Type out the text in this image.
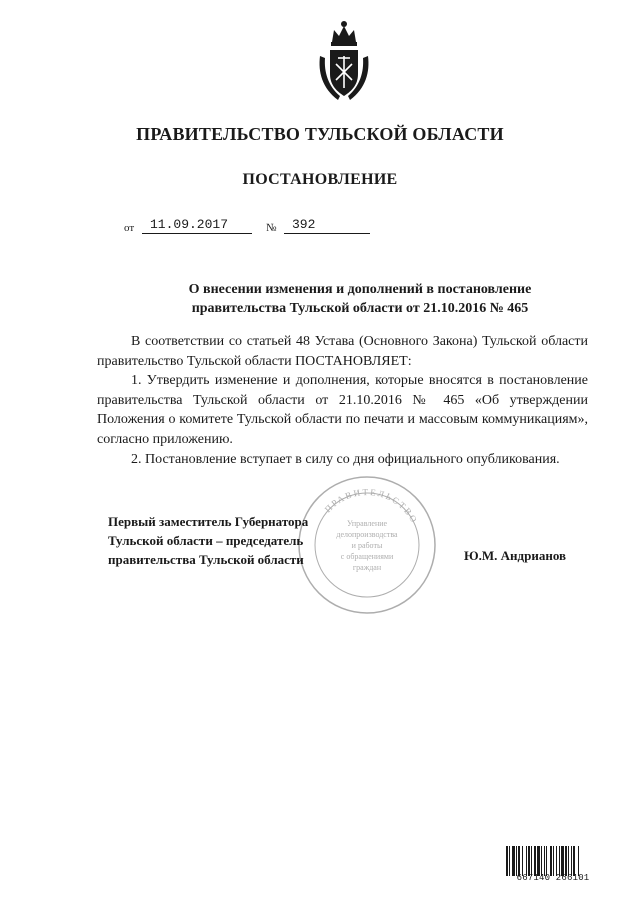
ПРАВИТЕЛЬСТВО ТУЛЬСКОЙ ОБЛАСТИ
ПОСТАНОВЛЕНИЕ
от	11.09.2017	№	392
О внесении изменения и дополнений в постановление
правительства Тульской области от 21.10.2016 № 465

В соответствии со статьей 48 Устава (Основного Закона) Тульской области правительство Тульской области ПОСТАНОВЛЯЕТ:

1. Утвердить изменение и дополнения, которые вносятся в постановление правительства Тульской области от 21.10.2016 № 465 «Об утверждении Положения о комитете Тульской области по печати и массовым коммуникациям», согласно приложению.

2. Постановление вступает в силу со дня официального опубликования.

ПРАВИТЕЛЬСТВО
Управление
делопроизводства
и работы
с обращениями
граждан
Первый заместитель Губернатора
Тульской области – председатель
правительства Тульской области	Ю.М. Андрианов
667140 266101
